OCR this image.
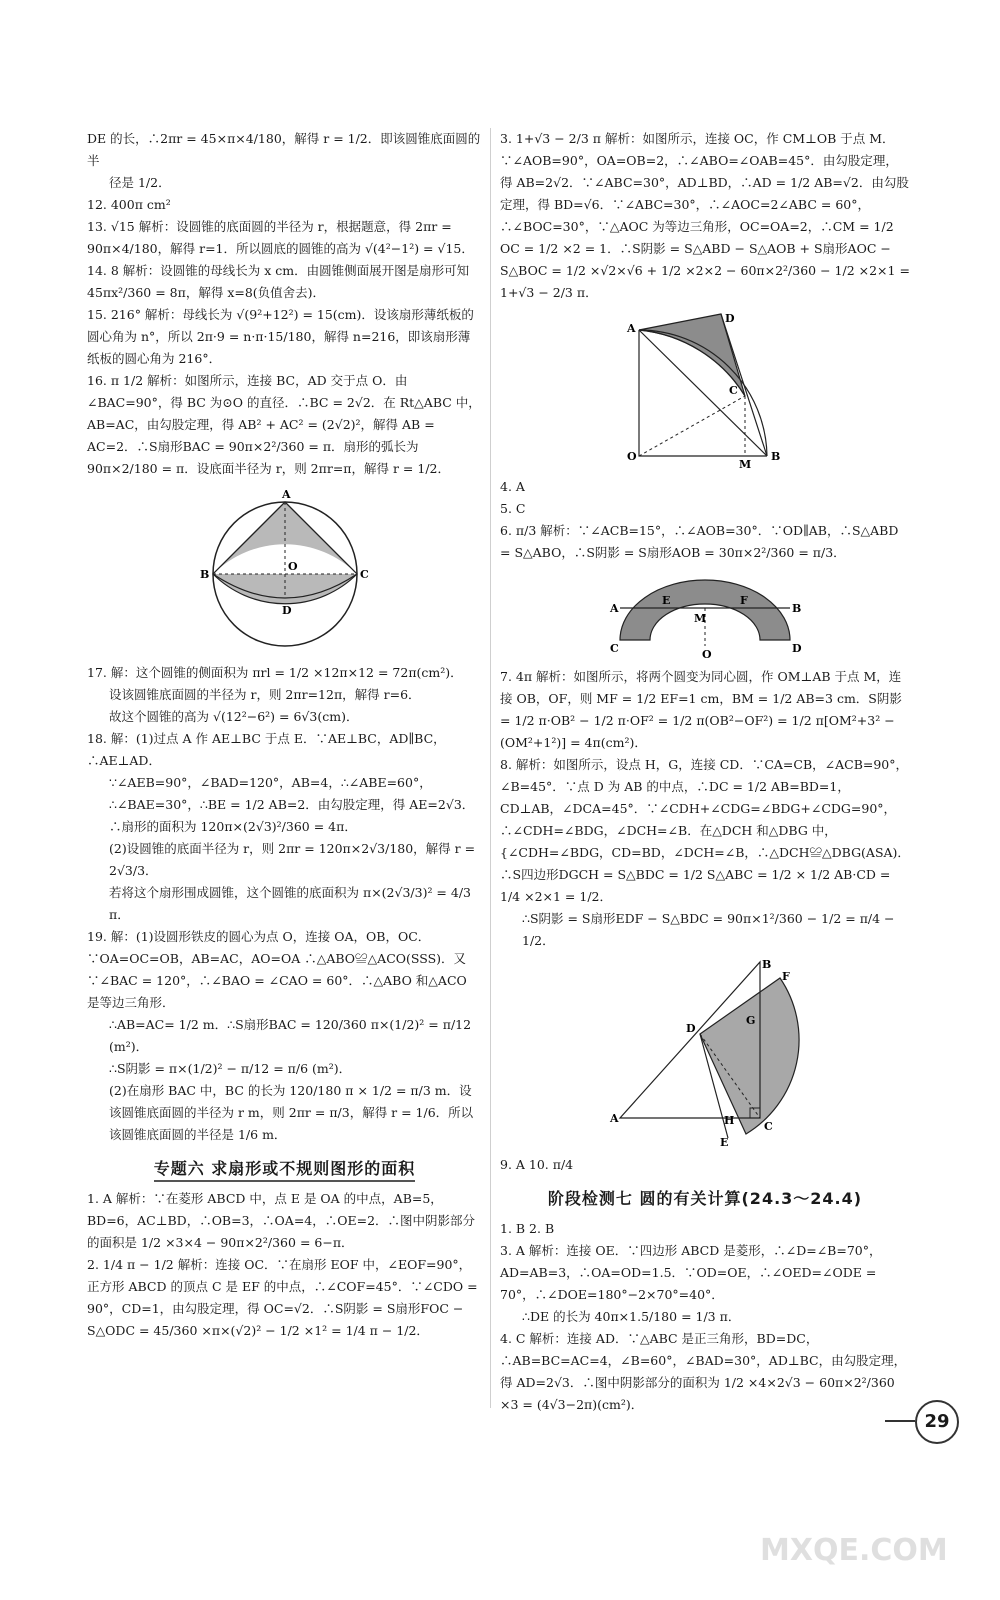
DE 的长，∴2πr = 45×π×4/180，解得 r = 1/2．即该圆锥底面圆的半

径是 1/2．

12. 400π cm²

13. √15 解析：设圆锥的底面圆的半径为 r，根据题意，得 2πr = 90π×4/180，解得 r=1．所以圆底的圆锥的高为 √(4²−1²) = √15．

14. 8 解析：设圆锥的母线长为 x cm．由圆锥侧面展开图是扇形可知 45πx²/360 = 8π，解得 x=8(负值舍去)．

15. 216° 解析：母线长为 √(9²+12²) = 15(cm)．设该扇形薄纸板的圆心角为 n°，所以 2π·9 = n·π·15/180，解得 n=216，即该扇形薄纸板的圆心角为 216°．

16. π 1/2 解析：如图所示，连接 BC，AD 交于点 O．由 ∠BAC=90°，得 BC 为⊙O 的直径．∴BC = 2√2．在 Rt△ABC 中，AB=AC，由勾股定理，得 AB² + AC² = (2√2)²，解得 AB = AC=2．∴S扇形BAC = 90π×2²/360 = π．扇形的弧长为 90π×2/180 = π．设底面半径为 r，则 2πr=π，解得 r = 1/2．

A
B	C
D
O

17. 解：这个圆锥的侧面积为 πrl = 1/2 ×12π×12 = 72π(cm²)．

设该圆锥底面圆的半径为 r，则 2πr=12π，解得 r=6．

故这个圆锥的高为 √(12²−6²) = 6√3(cm)．

18. 解：(1)过点 A 作 AE⊥BC 于点 E．∵AE⊥BC，AD∥BC，∴AE⊥AD．

∵∠AEB=90°，∠BAD=120°，AB=4，∴∠ABE=60°，

∴∠BAE=30°，∴BE = 1/2 AB=2．由勾股定理，得 AE=2√3．

∴扇形的面积为 120π×(2√3)²/360 = 4π．

(2)设圆锥的底面半径为 r，则 2πr = 120π×2√3/180，解得 r = 2√3/3．

若将这个扇形围成圆锥，这个圆锥的底面积为 π×(2√3/3)² = 4/3 π．

19. 解：(1)设圆形铁皮的圆心为点 O，连接 OA，OB，OC．∵OA=OC=OB，AB=AC，AO=OA ∴△ABO≌△ACO(SSS)．又∵∠BAC = 120°，∴∠BAO = ∠CAO = 60°．∴△ABO 和△ACO 是等边三角形．

∴AB=AC= 1/2 m．∴S扇形BAC = 120/360 π×(1/2)² = π/12 (m²)．

∴S阴影 = π×(1/2)² − π/12 = π/6 (m²)．

(2)在扇形 BAC 中，BC 的长为 120/180 π × 1/2 = π/3 m．设该圆锥底面圆的半径为 r m，则 2πr = π/3，解得 r = 1/6．所以该圆锥底面圆的半径是 1/6 m．

专题六 求扇形或不规则图形的面积

1. A 解析：∵在菱形 ABCD 中，点 E 是 OA 的中点，AB=5，BD=6，AC⊥BD，∴OB=3，∴OA=4，∴OE=2．∴图中阴影部分的面积是 1/2 ×3×4 − 90π×2²/360 = 6−π．

2. 1/4 π − 1/2 解析：连接 OC．∵在扇形 EOF 中，∠EOF=90°，正方形 ABCD 的顶点 C 是 EF 的中点，∴∠COF=45°．∵∠CDO = 90°，CD=1，由勾股定理，得 OC=√2．∴S阴影 = S扇形FOC − S△ODC = 45/360 ×π×(√2)² − 1/2 ×1² = 1/4 π − 1/2．

3. 1+√3 − 2/3 π 解析：如图所示，连接 OC，作 CM⊥OB 于点 M．∵∠AOB=90°，OA=OB=2，∴∠ABO=∠OAB=45°．由勾股定理，得 AB=2√2．∵∠ABC=30°，AD⊥BD，∴AD = 1/2 AB=√2．由勾股定理，得 BD=√6．∵∠ABC=30°，∴∠AOC=2∠ABC = 60°，∴∠BOC=30°，∵△AOC 为等边三角形，OC=OA=2，∴CM = 1/2 OC = 1/2 ×2 = 1．∴S阴影 = S△ABD − S△AOB + S扇形AOC − S△BOC = 1/2 ×√2×√6 + 1/2 ×2×2 − 60π×2²/360 − 1/2 ×2×1 = 1+√3 − 2/3 π．

A
D
C
O
M
B

4. A

5. C

6. π/3 解析：∵∠ACB=15°，∴∠AOB=30°．∵OD∥AB，∴S△ABD = S△ABO，∴S阴影 = S扇形AOB = 30π×2²/360 = π/3．

A	B
C	D
E	F
M
O

7. 4π 解析：如图所示，将两个圆变为同心圆，作 OM⊥AB 于点 M，连接 OB，OF，则 MF = 1/2 EF=1 cm，BM = 1/2 AB=3 cm．S阴影 = 1/2 π·OB² − 1/2 π·OF² = 1/2 π(OB²−OF²) = 1/2 π[OM²+3² − (OM²+1²)] = 4π(cm²)．

8. 解析：如图所示，设点 H，G，连接 CD．∵CA=CB，∠ACB=90°，∠B=45°．∵点 D 为 AB 的中点，∴DC = 1/2 AB=BD=1，CD⊥AB，∠DCA=45°．∵∠CDH+∠CDG=∠BDG+∠CDG=90°，∴∠CDH=∠BDG，∠DCH=∠B．在△DCH 和△DBG 中，{∠CDH=∠BDG，CD=BD，∠DCH=∠B，∴△DCH≌△DBG(ASA)．∴S四边形DGCH = S△BDC = 1/2 S△ABC = 1/2 × 1/2 AB·CD = 1/4 ×2×1 = 1/2．

∴S阴影 = S扇形EDF − S△BDC = 90π×1²/360 − 1/2 = π/4 − 1/2．

A
B
C
D
E
F
G
H

9. A 10. π/4

阶段检测七 圆的有关计算(24.3～24.4)

1. B 2. B

3. A 解析：连接 OE．∵四边形 ABCD 是菱形，∴∠D=∠B=70°，AD=AB=3，∴OA=OD=1.5．∵OD=OE，∴∠OED=∠ODE = 70°，∴∠DOE=180°−2×70°=40°．

∴DE 的长为 40π×1.5/180 = 1/3 π．

4. C 解析：连接 AD．∵△ABC 是正三角形，BD=DC，∴AB=BC=AC=4，∠B=60°，∠BAD=30°，AD⊥BC，由勾股定理，得 AD=2√3．∴图中阴影部分的面积为 1/2 ×4×2√3 − 60π×2²/360 ×3 = (4√3−2π)(cm²)．

29
MXQE.COM
